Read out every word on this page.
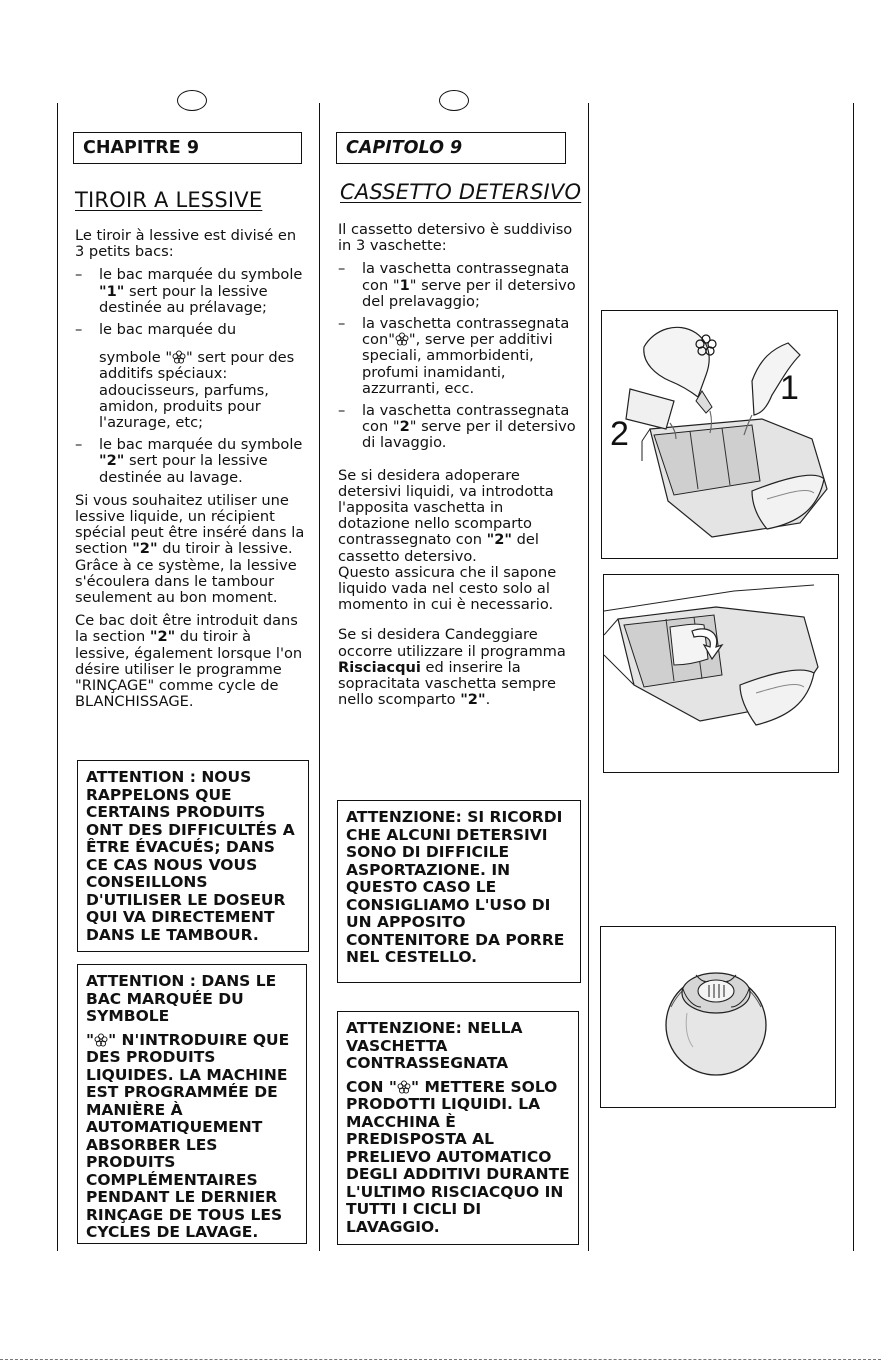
CHAPITRE 9
TIROIR A LESSIVE

Le tiroir à lessive est divisé en 3 petits bacs:

– le bac marquée du symbole "1" sert pour la lessive destinée au prélavage;
– le bac marquée du
symbole " " sert pour des additifs spéciaux: adoucisseurs, parfums, amidon, produits pour l'azurage, etc;
– le bac marquée du symbole "2" sert pour la lessive destinée au lavage.

Si vous souhaitez utiliser une lessive liquide, un récipient spécial peut être inséré dans la section "2" du tiroir à lessive. Grâce à ce système, la lessive s'écoulera dans le tambour seulement au bon moment.

Ce bac doit être introduit dans la section "2" du tiroir à lessive, également lorsque l'on désire utiliser le programme "RINÇAGE" comme cycle de BLANCHISSAGE.

ATTENTION : NOUS RAPPELONS QUE CERTAINS PRODUITS ONT DES DIFFICULTÉS A ÊTRE ÉVACUÉS; DANS CE CAS NOUS VOUS CONSEILLONS D'UTILISER LE DOSEUR QUI VA DIRECTEMENT DANS LE TAMBOUR.
ATTENTION : DANS LE BAC MARQUÉE DU SYMBOLE
" " N'INTRODUIRE QUE DES PRODUITS LIQUIDES. LA MACHINE EST PROGRAMMÉE DE MANIÈRE À AUTOMATIQUEMENT ABSORBER LES PRODUITS COMPLÉMENTAIRES PENDANT LE DERNIER RINÇAGE DE TOUS LES CYCLES DE LAVAGE.
CAPITOLO 9
CASSETTO DETERSIVO

Il cassetto detersivo è suddiviso in 3 vaschette:

– la vaschetta contrassegnata con "1" serve per il detersivo del prelavaggio;
– la vaschetta contrassegnata con" ", serve per additivi speciali, ammorbidenti, profumi inamidanti, azzurranti, ecc.
– la vaschetta contrassegnata con "2" serve per il detersivo di lavaggio.

Se si desidera adoperare detersivi liquidi, va introdotta l'apposita vaschetta in dotazione nello scomparto contrassegnato con "2" del cassetto detersivo.
Questo assicura che il sapone liquido vada nel cesto solo al momento in cui è necessario.

Se si desidera Candeggiare occorre utilizzare il programma Risciacqui ed inserire la sopracitata vaschetta sempre nello scomparto "2".

ATTENZIONE: SI RICORDI CHE ALCUNI DETERSIVI SONO DI DIFFICILE ASPORTAZIONE. IN QUESTO CASO LE CONSIGLIAMO L'USO DI UN APPOSITO CONTENITORE DA PORRE NEL CESTELLO.
ATTENZIONE: NELLA VASCHETTA CONTRASSEGNATA
CON " " METTERE SOLO PRODOTTI LIQUIDI. LA MACCHINA È PREDISPOSTA AL PRELIEVO AUTOMATICO DEGLI ADDITIVI DURANTE L'ULTIMO RISCIACQUO IN TUTTI I CICLI DI LAVAGGIO.
1
2
